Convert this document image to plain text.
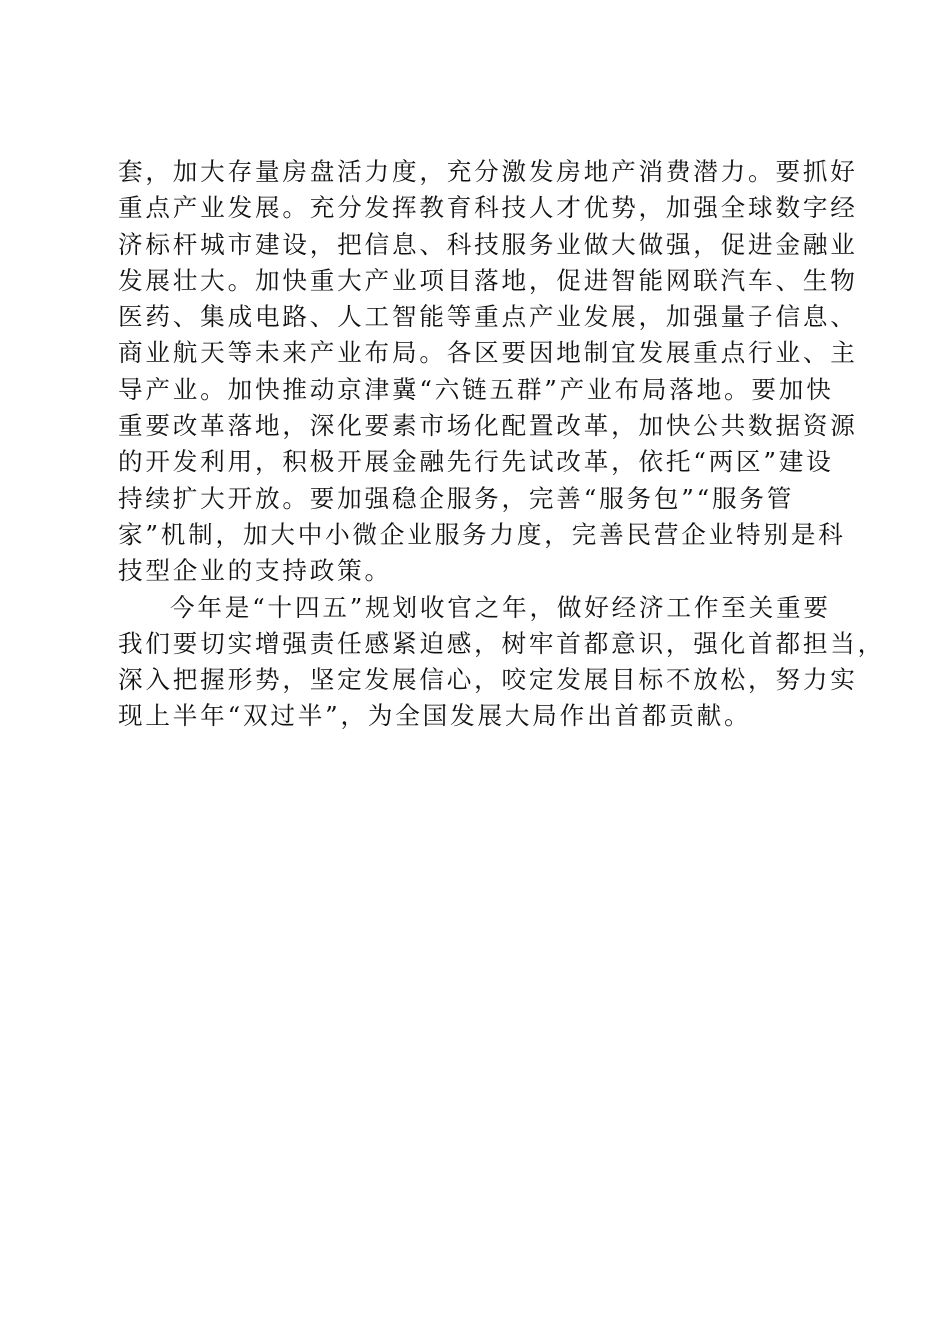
套，加大存量房盘活力度，充分激发房地产消费潜力。要抓好
重点产业发展。充分发挥教育科技人才优势，加强全球数字经
济标杆城市建设，把信息、科技服务业做大做强，促进金融业
发展壮大。加快重大产业项目落地，促进智能网联汽车、生物
医药、集成电路、人工智能等重点产业发展，加强量子信息、
商业航天等未来产业布局。各区要因地制宜发展重点行业、主
导产业。加快推动京津冀“六链五群”产业布局落地。要加快
重要改革落地，深化要素市场化配置改革，加快公共数据资源
的开发利用，积极开展金融先行先试改革，依托“两区”建设
持续扩大开放。要加强稳企服务，完善“服务包”“服务管
家”机制，加大中小微企业服务力度，完善民营企业特别是科
技型企业的支持政策。
今年是“十四五”规划收官之年，做好经济工作至关重要
我们要切实增强责任感紧迫感，树牢首都意识，强化首都担当，
深入把握形势，坚定发展信心，咬定发展目标不放松，努力实
现上半年“双过半”，为全国发展大局作出首都贡献。
